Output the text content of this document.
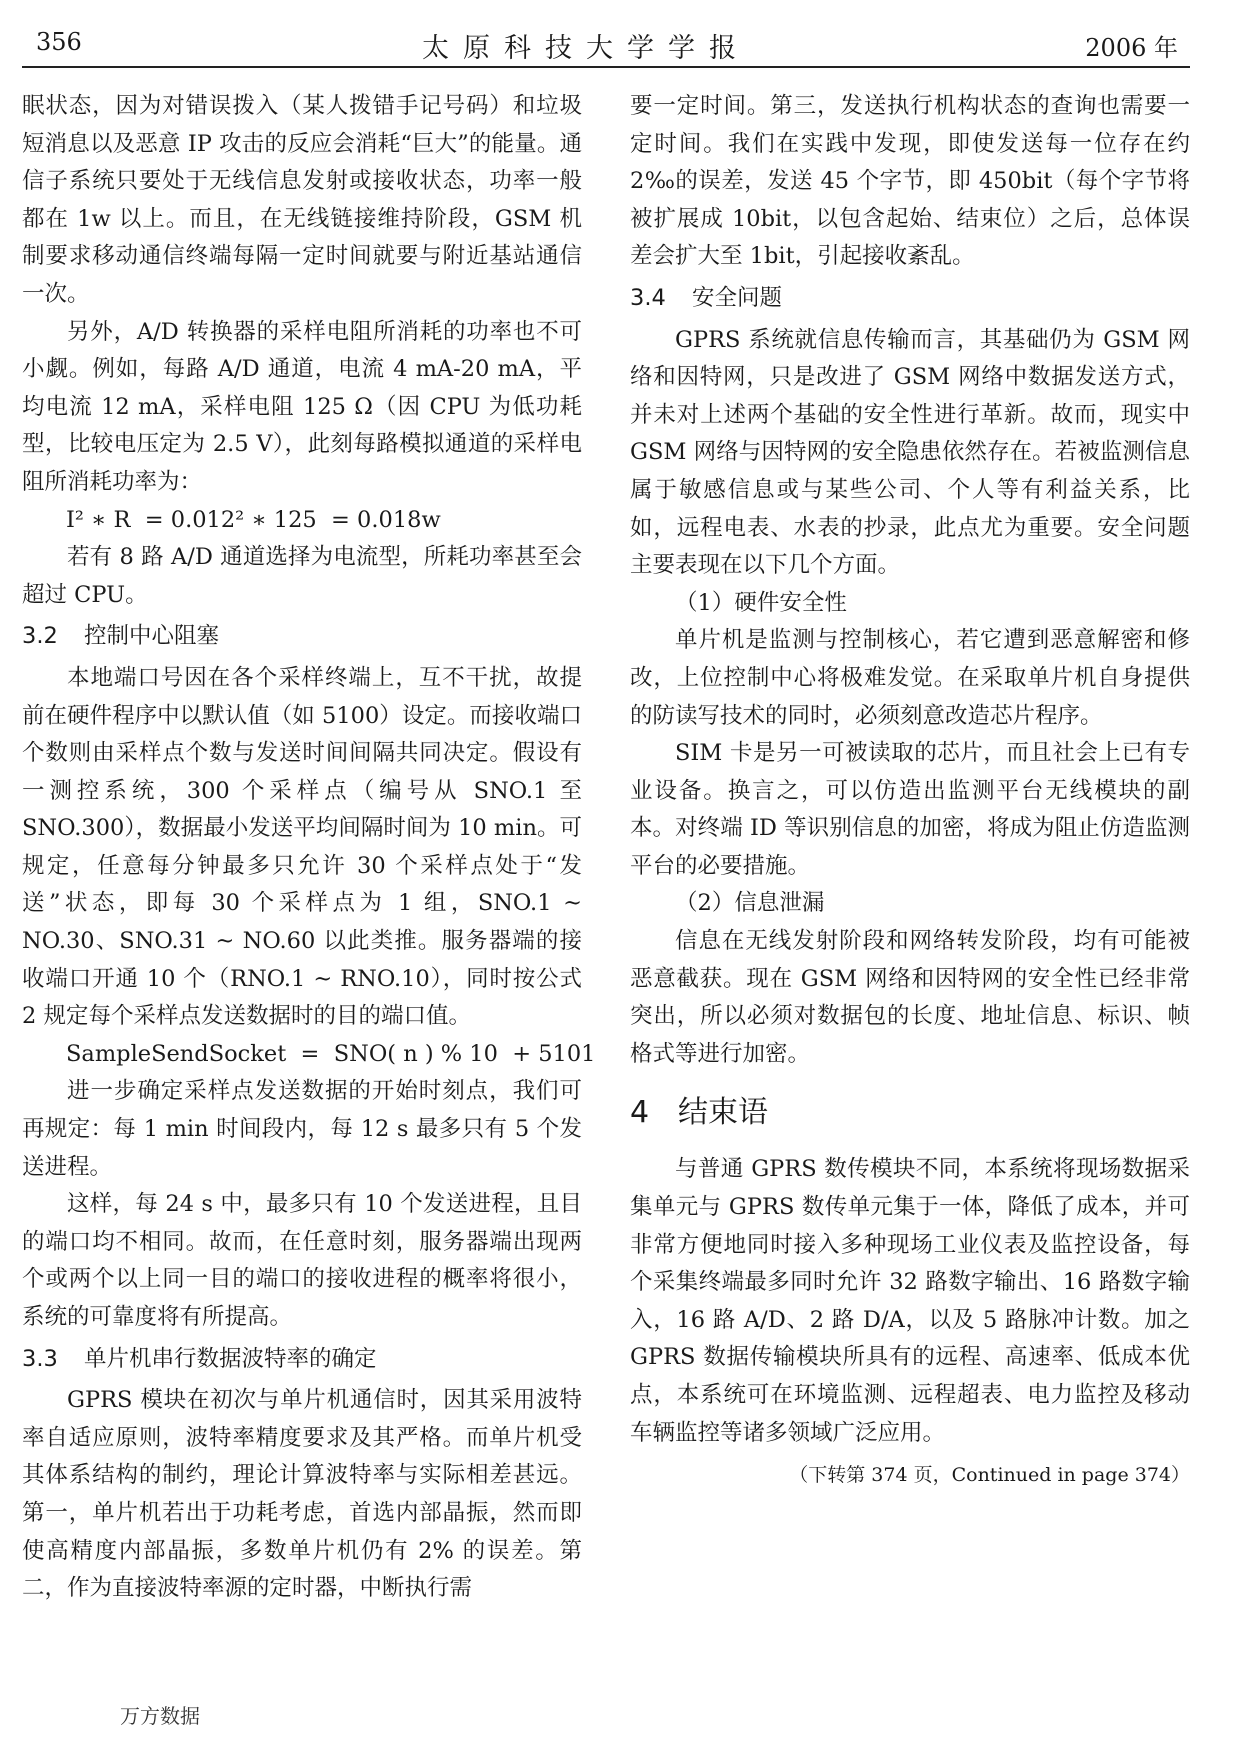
356	太原科技大学学报	2006 年

眠状态，因为对错误拨入（某人拨错手记号码）和垃圾短消息以及恶意 IP 攻击的反应会消耗“巨大”的能量。通信子系统只要处于无线信息发射或接收状态，功率一般都在 1w 以上。而且，在无线链接维持阶段，GSM 机制要求移动通信终端每隔一定时间就要与附近基站通信一次。

另外，A/D 转换器的采样电阻所消耗的功率也不可小觑。例如，每路 A/D 通道，电流 4 mA-20 mA，平均电流 12 mA，采样电阻 125 Ω（因 CPU 为低功耗型，比较电压定为 2.5 V），此刻每路模拟通道的采样电阻所消耗功率为：

I² ∗ R  = 0.012² ∗ 125  = 0.018w

若有 8 路 A/D 通道选择为电流型，所耗功率甚至会超过 CPU。

3.2 控制中心阻塞

本地端口号因在各个采样终端上，互不干扰，故提前在硬件程序中以默认值（如 5100）设定。而接收端口个数则由采样点个数与发送时间间隔共同决定。假设有一测控系统，300 个采样点（编号从 SNO.1 至 SNO.300），数据最小发送平均间隔时间为 10 min。可规定，任意每分钟最多只允许 30 个采样点处于“发送”状态，即每 30 个采样点为 1 组，SNO.1 ~ NO.30、SNO.31 ~ NO.60 以此类推。服务器端的接收端口开通 10 个（RNO.1 ~ RNO.10），同时按公式 2 规定每个采样点发送数据时的目的端口值。

SampleSendSocket  =  SNO( n ) % 10  + 5101

进一步确定采样点发送数据的开始时刻点，我们可再规定：每 1 min 时间段内，每 12 s 最多只有 5 个发送进程。

这样，每 24 s 中，最多只有 10 个发送进程，且目的端口均不相同。故而，在任意时刻，服务器端出现两个或两个以上同一目的端口的接收进程的概率将很小，系统的可靠度将有所提高。

3.3 单片机串行数据波特率的确定

GPRS 模块在初次与单片机通信时，因其采用波特率自适应原则，波特率精度要求及其严格。而单片机受其体系结构的制约，理论计算波特率与实际相差甚远。第一，单片机若出于功耗考虑，首选内部晶振，然而即使高精度内部晶振，多数单片机仍有 2% 的误差。第二，作为直接波特率源的定时器，中断执行需

要一定时间。第三，发送执行机构状态的查询也需要一定时间。我们在实践中发现，即使发送每一位存在约 2‰的误差，发送 45 个字节，即 450bit（每个字节将被扩展成 10bit，以包含起始、结束位）之后，总体误差会扩大至 1bit，引起接收紊乱。

3.4 安全问题

GPRS 系统就信息传输而言，其基础仍为 GSM 网络和因特网，只是改进了 GSM 网络中数据发送方式，并未对上述两个基础的安全性进行革新。故而，现实中 GSM 网络与因特网的安全隐患依然存在。若被监测信息属于敏感信息或与某些公司、个人等有利益关系，比如，远程电表、水表的抄录，此点尤为重要。安全问题主要表现在以下几个方面。

（1）硬件安全性

单片机是监测与控制核心，若它遭到恶意解密和修改，上位控制中心将极难发觉。在采取单片机自身提供的防读写技术的同时，必须刻意改造芯片程序。

SIM 卡是另一可被读取的芯片，而且社会上已有专业设备。换言之，可以仿造出监测平台无线模块的副本。对终端 ID 等识别信息的加密，将成为阻止仿造监测平台的必要措施。

（2）信息泄漏

信息在无线发射阶段和网络转发阶段，均有可能被恶意截获。现在 GSM 网络和因特网的安全性已经非常突出，所以必须对数据包的长度、地址信息、标识、帧格式等进行加密。

4 结束语

与普通 GPRS 数传模块不同，本系统将现场数据采集单元与 GPRS 数传单元集于一体，降低了成本，并可非常方便地同时接入多种现场工业仪表及监控设备，每个采集终端最多同时允许 32 路数字输出、16 路数字输入，16 路 A/D、2 路 D/A，以及 5 路脉冲计数。加之 GPRS 数据传输模块所具有的远程、高速率、低成本优点，本系统可在环境监测、远程超表、电力监控及移动车辆监控等诸多领域广泛应用。

（下转第 374 页，Continued in page 374）

万方数据
